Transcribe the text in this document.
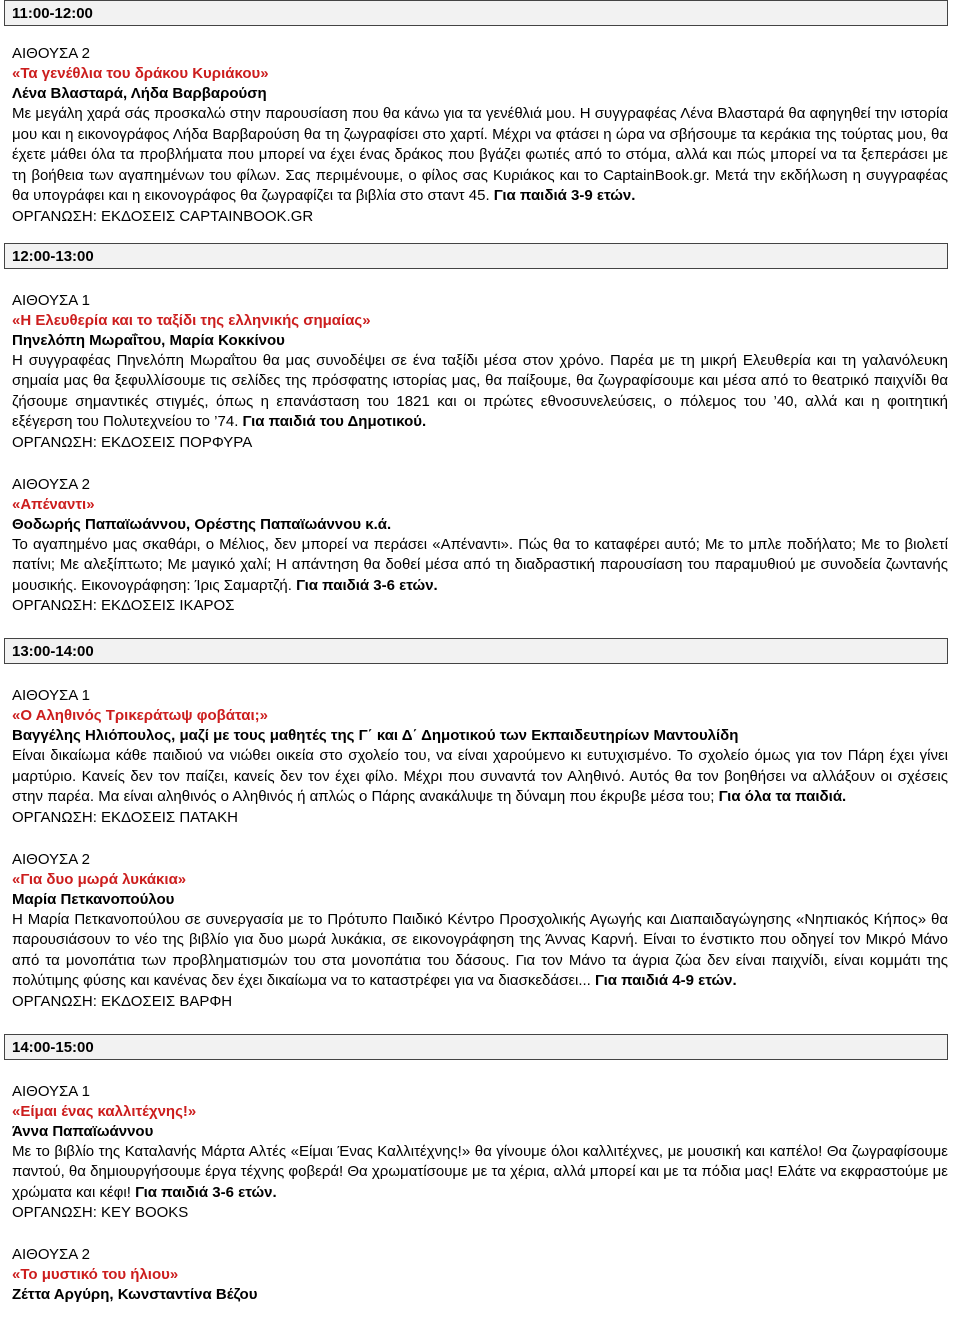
11:00-12:00
ΑΙΘΟΥΣΑ 2
«Τα γενέθλια του δράκου Κυριάκου»
Λένα Βλασταρά, Λήδα Βαρβαρούση
Με μεγάλη χαρά σάς προσκαλώ στην παρουσίαση που θα κάνω για τα γενέθλιά μου. Η συγγραφέας Λένα Βλασταρά θα αφηγηθεί την ιστορία μου και η εικονογράφος Λήδα Βαρβαρούση θα τη ζωγραφίσει στο χαρτί. Μέχρι να φτάσει η ώρα να σβήσουμε τα κεράκια της τούρτας μου, θα έχετε μάθει όλα τα προβλήματα που μπορεί να έχει ένας δράκος που βγάζει φωτιές από το στόμα, αλλά και πώς μπορεί να τα ξεπεράσει με τη βοήθεια των αγαπημένων του φίλων. Σας περιμένουμε, ο φίλος σας Κυριάκος και το CaptainBook.gr. Μετά την εκδήλωση η συγγραφέας θα υπογράφει και η εικονογράφος θα ζωγραφίζει τα βιβλία στο σταντ 45. Για παιδιά 3-9 ετών.
ΟΡΓΑΝΩΣΗ: ΕΚΔΟΣΕΙΣ CAPTAINBOOK.GR
12:00-13:00
ΑΙΘΟΥΣΑ 1
«Η Ελευθερία και το ταξίδι της ελληνικής σημαίας»
Πηνελόπη Μωραΐτου, Μαρία Κοκκίνου
Η συγγραφέας Πηνελόπη Μωραΐτου θα μας συνοδέψει σε ένα ταξίδι μέσα στον χρόνο. Παρέα με τη μικρή Ελευθερία και τη γαλανόλευκη σημαία μας θα ξεφυλλίσουμε τις σελίδες της πρόσφατης ιστορίας μας, θα παίξουμε, θα ζωγραφίσουμε και μέσα από το θεατρικό παιχνίδι θα ζήσουμε σημαντικές στιγμές, όπως η επανάσταση του 1821 και οι πρώτες εθνοσυνελεύσεις, ο πόλεμος του ’40, αλλά και η φοιτητική εξέγερση του Πολυτεχνείου το ’74. Για παιδιά του Δημοτικού.
ΟΡΓΑΝΩΣΗ: ΕΚΔΟΣΕΙΣ ΠΟΡΦΥΡΑ
ΑΙΘΟΥΣΑ 2
«Απέναντι»
Θοδωρής Παπαϊωάννου, Ορέστης Παπαϊωάννου κ.ά.
Το αγαπημένο μας σκαθάρι, ο Μέλιος, δεν μπορεί να περάσει «Απέναντι». Πώς θα το καταφέρει αυτό; Με το μπλε ποδήλατο; Με το βιολετί πατίνι; Με αλεξίπτωτο; Με μαγικό χαλί; Η απάντηση θα δοθεί μέσα από τη διαδραστική παρουσίαση του παραμυθιού με συνοδεία ζωντανής μουσικής. Εικονογράφηση: Ίρις Σαμαρτζή. Για παιδιά 3-6 ετών.
ΟΡΓΑΝΩΣΗ: ΕΚΔΟΣΕΙΣ ΙΚΑΡΟΣ
13:00-14:00
ΑΙΘΟΥΣΑ 1
«Ο Αληθινός Τρικεράτωψ φοβάται;»
Βαγγέλης Ηλιόπουλος, μαζί με τους μαθητές της Γ΄ και Δ΄ Δημοτικού των Εκπαιδευτηρίων Μαντουλίδη
Είναι δικαίωμα κάθε παιδιού να νιώθει οικεία στο σχολείο του, να είναι χαρούμενο κι ευτυχισμένο. Το σχολείο όμως για τον Πάρη έχει γίνει μαρτύριο. Κανείς δεν τον παίζει, κανείς δεν τον έχει φίλο. Μέχρι που συναντά τον Αληθινό. Αυτός θα τον βοηθήσει να αλλάξουν οι σχέσεις στην παρέα. Μα είναι αληθινός ο Αληθινός ή απλώς ο Πάρης ανακάλυψε τη δύναμη που έκρυβε μέσα του; Για όλα τα παιδιά.
ΟΡΓΑΝΩΣΗ: ΕΚΔΟΣΕΙΣ ΠΑΤΑΚΗ
ΑΙΘΟΥΣΑ 2
«Για δυο μωρά λυκάκια»
Μαρία Πετκανοπούλου
Η Μαρία Πετκανοπούλου σε συνεργασία με το Πρότυπο Παιδικό Κέντρο Προσχολικής Αγωγής και Διαπαιδαγώγησης «Νηπιακός Κήπος» θα παρουσιάσουν το νέο της βιβλίο για δυο μωρά λυκάκια, σε εικονογράφηση της Άννας Καρνή. Είναι το ένστικτο που οδηγεί τον Μικρό Μάνο από τα μονοπάτια των προβληματισμών του στα μονοπάτια του δάσους. Για τον Μάνο τα άγρια ζώα δεν είναι παιχνίδι, είναι κομμάτι της πολύτιμης φύσης και κανένας δεν έχει δικαίωμα να το καταστρέφει για να διασκεδάσει... Για παιδιά 4-9 ετών.
ΟΡΓΑΝΩΣΗ: ΕΚΔΟΣΕΙΣ ΒΑΡΦΗ
14:00-15:00
ΑΙΘΟΥΣΑ 1
«Είμαι ένας καλλιτέχνης!»
Άννα Παπαϊωάννου
Με το βιβλίο της Καταλανής Μάρτα Αλτές «Είμαι Ένας Καλλιτέχνης!» θα γίνουμε όλοι καλλιτέχνες, με μουσική και καπέλο! Θα ζωγραφίσουμε παντού, θα δημιουργήσουμε έργα τέχνης φοβερά! Θα χρωματίσουμε με τα χέρια, αλλά μπορεί και με τα πόδια μας! Ελάτε να εκφραστούμε με χρώματα και κέφι! Για παιδιά 3-6 ετών.
ΟΡΓΑΝΩΣΗ: KEY BOOKS
ΑΙΘΟΥΣΑ 2
«Το μυστικό του ήλιου»
Ζέττα Αργύρη, Κωνσταντίνα Βέζου
